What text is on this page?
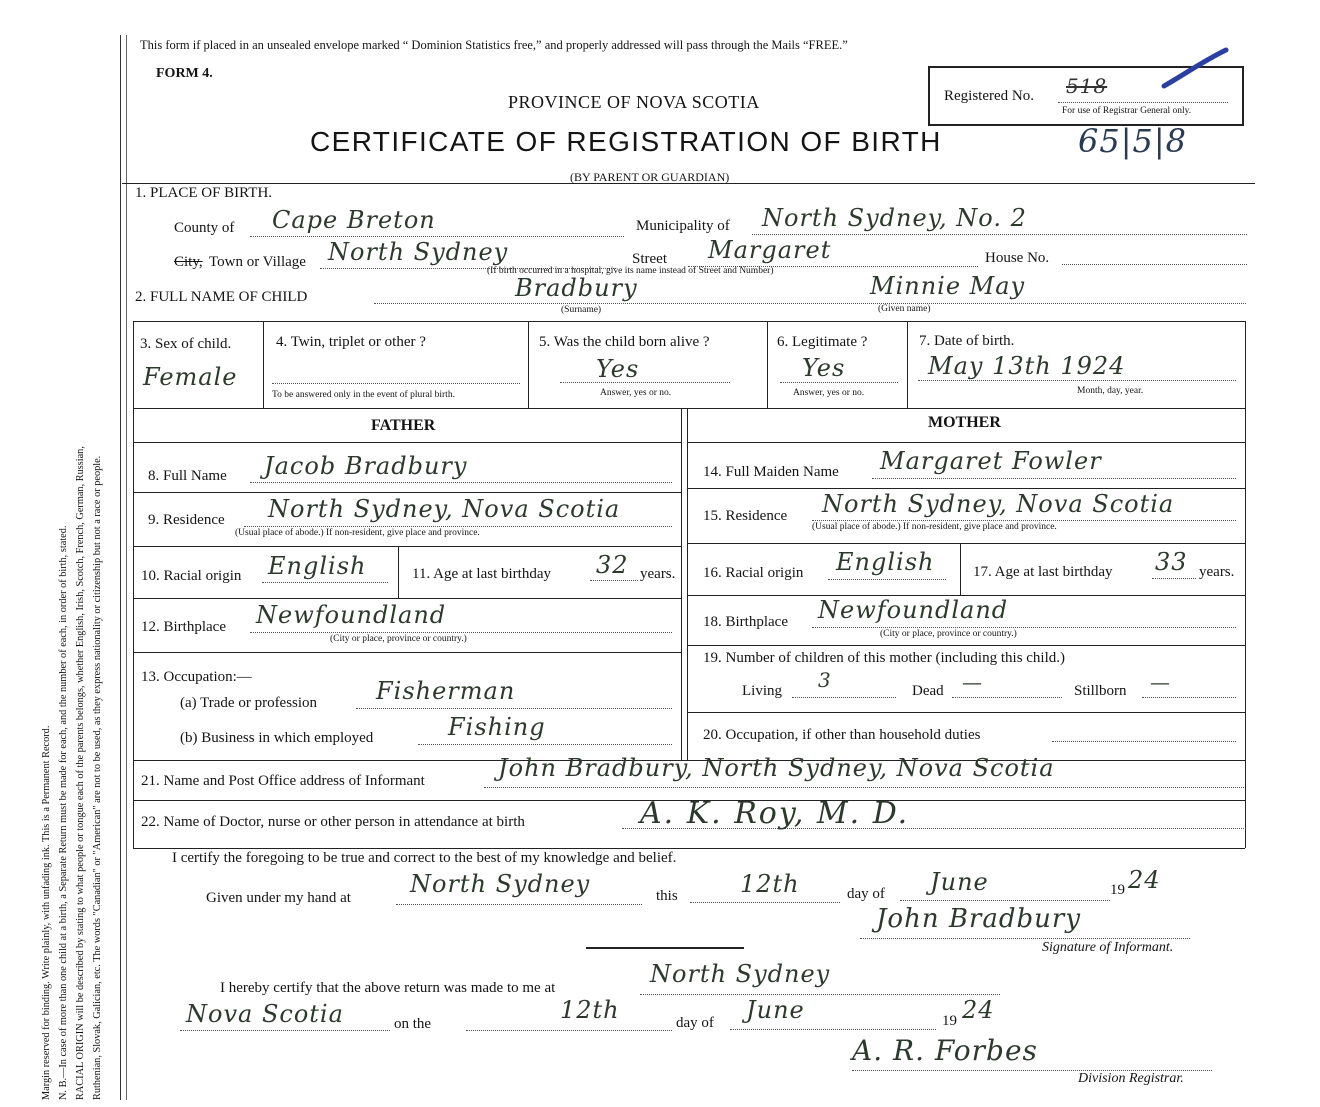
Margin reserved for binding. Write plainly, with unfading ink. This is a Permanent Record. N. B.—In case of more than one child at a birth, a Separate Return must be made for each, and the number of each, in order of birth, stated. RACIAL ORIGIN will be described by stating to what people or tongue each of the parents belongs, whether English, Irish, Scotch, French, German, Russian, Ruthenian, Slovak, Galician, etc. The words "Canadian" or "American" are not to be used, as they express nationality or citizenship but not a race or people.
This form if placed in an unsealed envelope marked “ Dominion Statistics free,” and properly addressed will pass through the Mails “FREE.”
FORM 4.
PROVINCE OF NOVA SCOTIA
CERTIFICATE OF REGISTRATION OF BIRTH	65|5|8
(BY PARENT OR GUARDIAN)
Registered No. 518
For use of Registrar General only.
1. PLACE OF BIRTH.
County of Cape Breton	Municipality of North Sydney, No. 2
City, Town or Village North Sydney	Street Margaret	House No.
(If birth occurred in a hospital, give its name instead of Street and Number)
2. FULL NAME OF CHILD	Bradbury	Minnie May
(Surname)	(Given name)
3. Sex of child.
Female
4. Twin, triplet or other ?
To be answered only in the event of plural birth.
5. Was the child born alive ?
Yes
Answer, yes or no.
6. Legitimate ?
Yes
Answer, yes or no.
7. Date of birth.
May 13th 1924
Month, day, year.
FATHER	MOTHER
8. Full Name Jacob Bradbury
9. Residence North Sydney, Nova Scotia
(Usual place of abode.) If non-resident, give place and province.
10. Racial origin English	11. Age at last birthday 32 years.
12. Birthplace Newfoundland
(City or place, province or country.)
13. Occupation:—
(a) Trade or profession Fisherman
(b) Business in which employed	Fishing
14. Full Maiden Name Margaret Fowler
15. Residence North Sydney, Nova Scotia
(Usual place of abode.) If non-resident, give place and province.
16. Racial origin English	17. Age at last birthday 33 years.
18. Birthplace Newfoundland
(City or place, province or country.)
19. Number of children of this mother (including this child.)
Living 3	Dead —	Stillborn —
20. Occupation, if other than household duties
21. Name and Post Office address of Informant	John Bradbury, North Sydney, Nova Scotia
22. Name of Doctor, nurse or other person in attendance at birth	A. K. Roy, M. D.
I certify the foregoing to be true and correct to the best of my knowledge and belief.
Given under my hand at North Sydney	this	12th	day of June	19 24
John Bradbury
Signature of Informant.
I hereby certify that the above return was made to me at	North Sydney
Nova Scotia	on the	12th	day of June	19 24
A. R. Forbes
Division Registrar.
